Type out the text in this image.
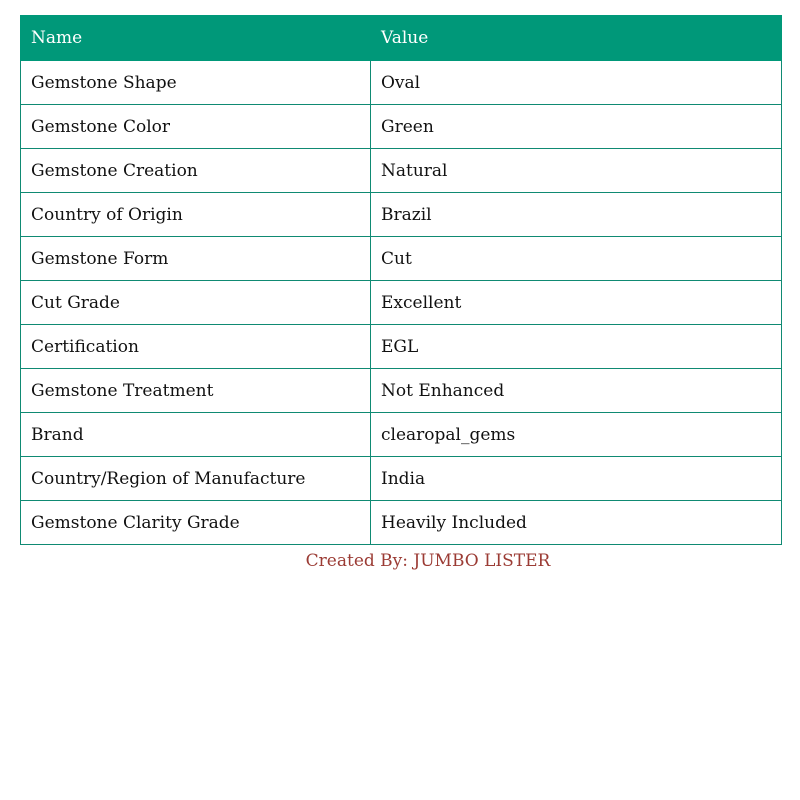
Name	Value
Gemstone Shape	Oval
Gemstone Color	Green
Gemstone Creation	Natural
Country of Origin	Brazil
Gemstone Form	Cut
Cut Grade	Excellent
Certification	EGL
Gemstone Treatment	Not Enhanced
Brand	clearopal_gems
Country/Region of Manufacture	India
Gemstone Clarity Grade	Heavily Included
Created By: JUMBO LISTER
